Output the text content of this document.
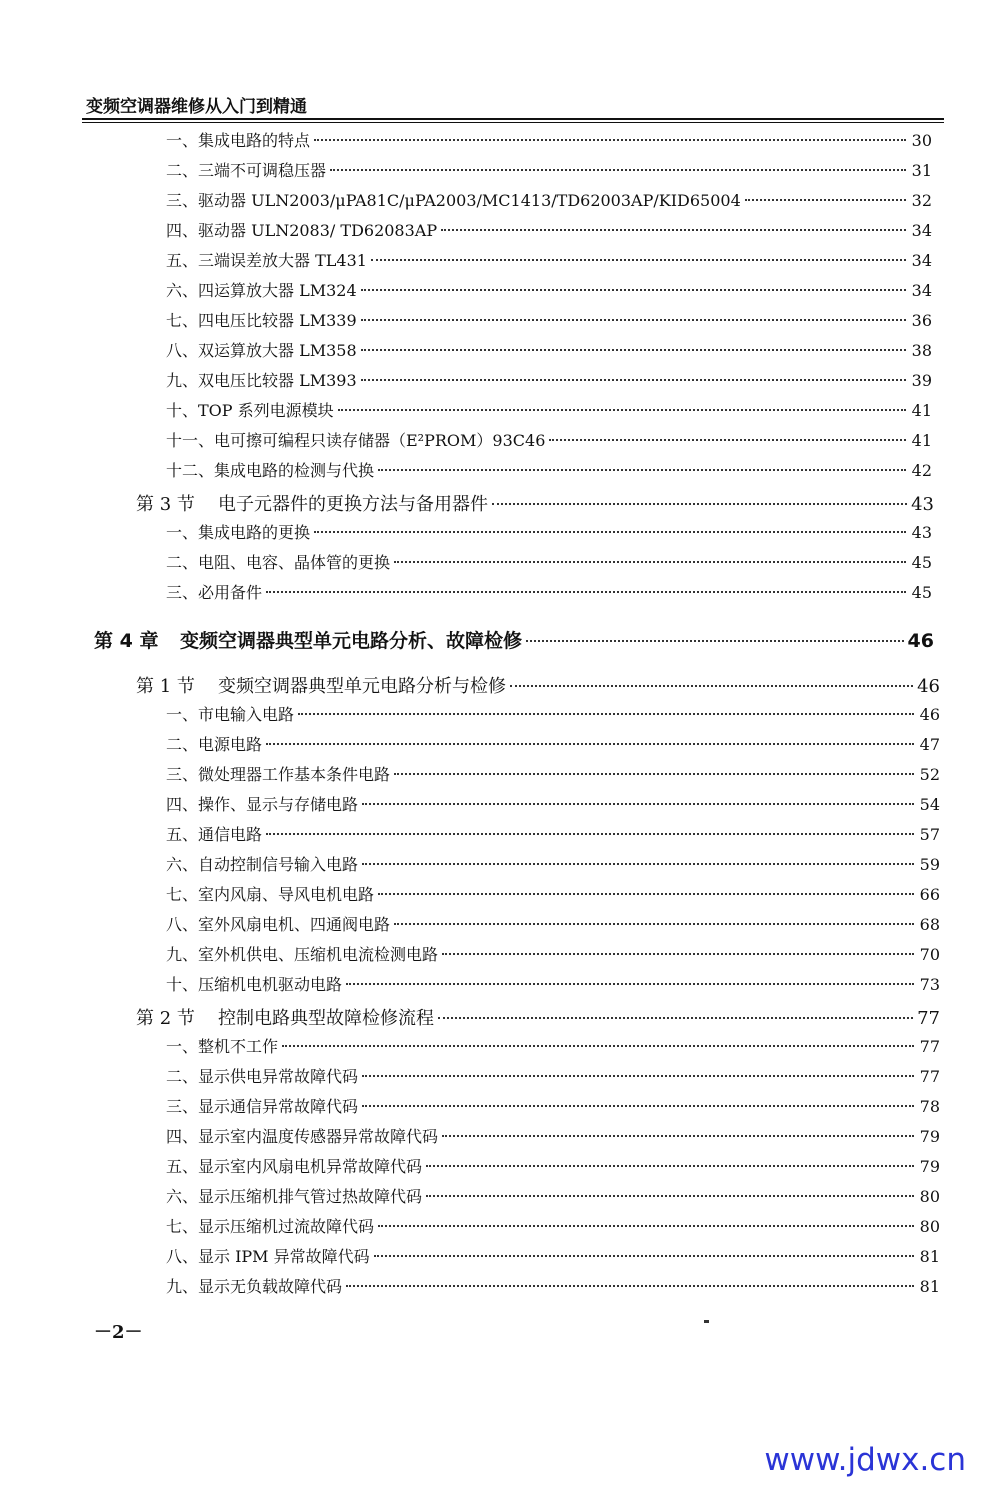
变频空调器维修从入门到精通
一、集成电路的特点	30
二、三端不可调稳压器	31
三、驱动器 ULN2003/μPA81C/μPA2003/MC1413/TD62003AP/KID65004	32
四、驱动器 ULN2083/ TD62083AP	34
五、三端误差放大器 TL431	34
六、四运算放大器 LM324	34
七、四电压比较器 LM339	36
八、双运算放大器 LM358	38
九、双电压比较器 LM393	39
十、TOP 系列电源模块	41
十一、电可擦可编程只读存储器（E²PROM）93C46	41
十二、集成电路的检测与代换	42
第 3 节 电子元器件的更换方法与备用器件	43
一、集成电路的更换	43
二、电阻、电容、晶体管的更换	45
三、必用备件	45
第 4 章 变频空调器典型单元电路分析、故障检修	46
第 1 节 变频空调器典型单元电路分析与检修	46
一、市电输入电路	46
二、电源电路	47
三、微处理器工作基本条件电路	52
四、操作、显示与存储电路	54
五、通信电路	57
六、自动控制信号输入电路	59
七、室内风扇、导风电机电路	66
八、室外风扇电机、四通阀电路	68
九、室外机供电、压缩机电流检测电路	70
十、压缩机电机驱动电路	73
第 2 节 控制电路典型故障检修流程	77
一、整机不工作	77
二、显示供电异常故障代码	77
三、显示通信异常故障代码	78
四、显示室内温度传感器异常故障代码	79
五、显示室内风扇电机异常故障代码	79
六、显示压缩机排气管过热故障代码	80
七、显示压缩机过流故障代码	80
八、显示 IPM 异常故障代码	81
九、显示无负载故障代码	81
－2－
www.jdwx.cn
